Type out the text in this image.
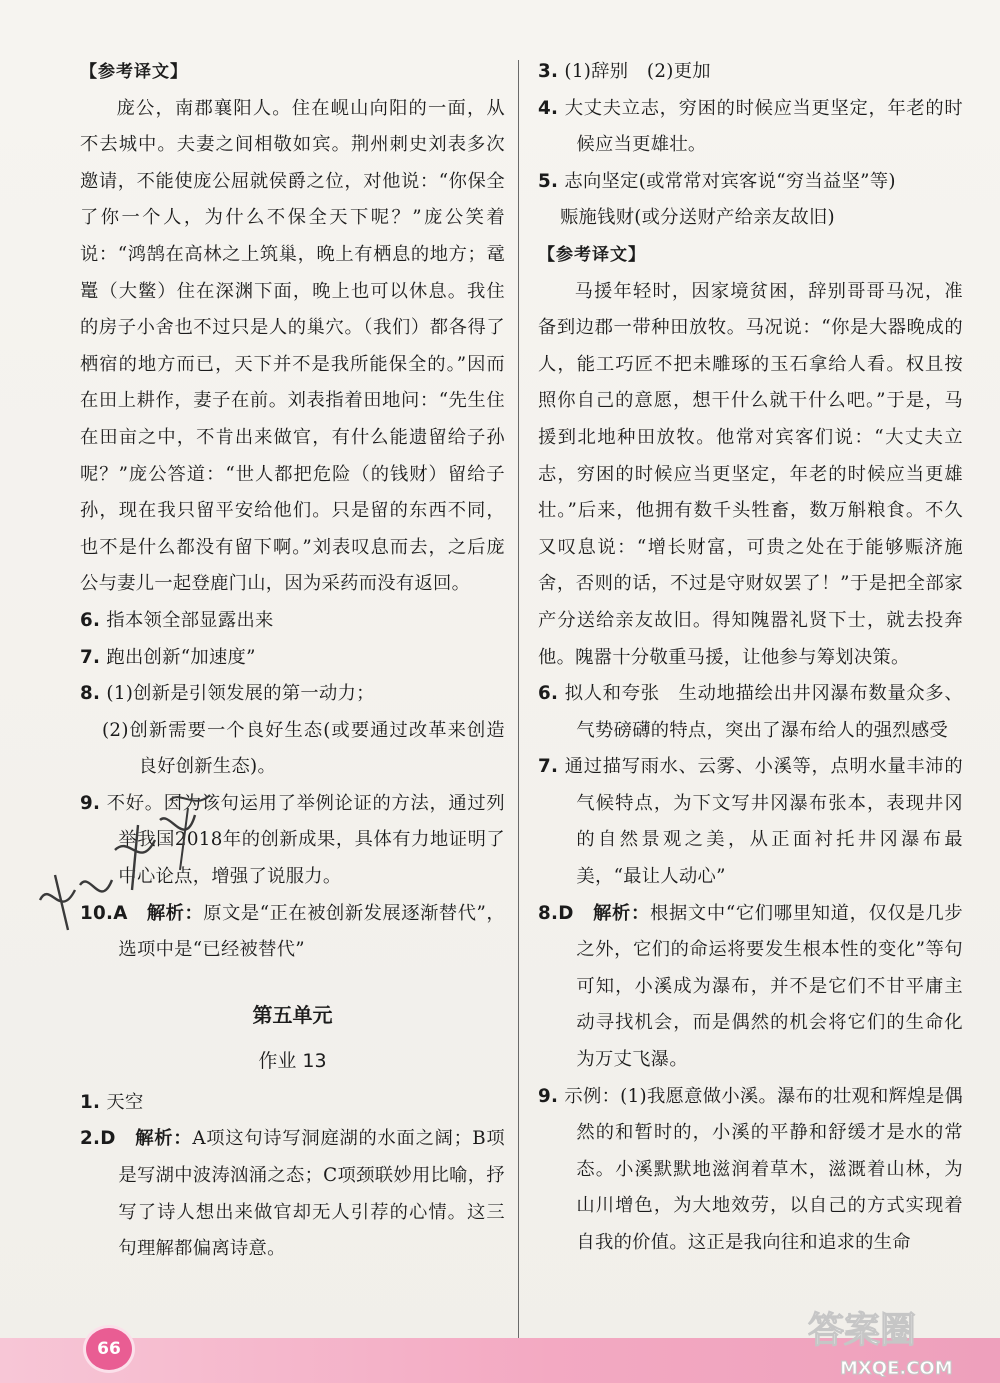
【参考译文】
庞公，南郡襄阳人。住在岘山向阳的一面，从不去城中。夫妻之间相敬如宾。荆州刺史刘表多次邀请，不能使庞公屈就侯爵之位，对他说：“你保全了你一个人，为什么不保全天下呢？”庞公笑着说：“鸿鹄在高林之上筑巢，晚上有栖息的地方；鼋鼍（大鳖）住在深渊下面，晚上也可以休息。我住的房子小舍也不过只是人的巢穴。（我们）都各得了栖宿的地方而已，天下并不是我所能保全的。”因而在田上耕作，妻子在前。刘表指着田地问：“先生住在田亩之中，不肯出来做官，有什么能遗留给子孙呢？”庞公答道：“世人都把危险（的钱财）留给子孙，现在我只留平安给他们。只是留的东西不同，也不是什么都没有留下啊。”刘表叹息而去，之后庞公与妻儿一起登鹿门山，因为采药而没有返回。
6. 指本领全部显露出来
7. 跑出创新“加速度”
8. (1)创新是引领发展的第一动力；
(2)创新需要一个良好生态(或要通过改革来创造良好创新生态)。
9. 不好。因为该句运用了举例论证的方法，通过列举我国2018年的创新成果，具体有力地证明了中心论点，增强了说服力。
10.A　 解析：原文是“正在被创新发展逐渐替代”，选项中是“已经被替代”
第五单元
作业 13
1. 天空
2.D　 解析：A项这句诗写洞庭湖的水面之阔；B项是写湖中波涛汹涌之态；C项颈联妙用比喻，抒写了诗人想出来做官却无人引荐的心情。这三句理解都偏离诗意。
3. (1)辞别　(2)更加
4. 大丈夫立志，穷困的时候应当更坚定，年老的时候应当更雄壮。
5. 志向坚定(或常常对宾客说“穷当益坚”等)
赈施钱财(或分送财产给亲友故旧)
【参考译文】
马援年轻时，因家境贫困，辞别哥哥马况，准备到边郡一带种田放牧。马况说：“你是大器晚成的人，能工巧匠不把未雕琢的玉石拿给人看。权且按照你自己的意愿，想干什么就干什么吧。”于是，马援到北地种田放牧。他常对宾客们说：“大丈夫立志，穷困的时候应当更坚定，年老的时候应当更雄壮。”后来，他拥有数千头牲畜，数万斛粮食。不久又叹息说：“增长财富，可贵之处在于能够赈济施舍，否则的话，不过是守财奴罢了！”于是把全部家产分送给亲友故旧。得知隗嚣礼贤下士，就去投奔他。隗嚣十分敬重马援，让他参与筹划决策。
6. 拟人和夸张　生动地描绘出井冈瀑布数量众多、气势磅礴的特点，突出了瀑布给人的强烈感受
7. 通过描写雨水、云雾、小溪等，点明水量丰沛的气候特点，为下文写井冈瀑布张本，表现井冈的自然景观之美，从正面衬托井冈瀑布最美，“最让人动心”
8.D　 解析：根据文中“它们哪里知道，仅仅是几步之外，它们的命运将要发生根本性的变化”等句可知，小溪成为瀑布，并不是它们不甘平庸主动寻找机会，而是偶然的机会将它们的生命化为万丈飞瀑。
9. 示例：(1)我愿意做小溪。瀑布的壮观和辉煌是偶然的和暂时的，小溪的平静和舒缓才是水的常态。小溪默默地滋润着草木，滋溉着山林，为山川增色，为大地效劳，以自己的方式实现着自我的价值。这正是我向往和追求的生命
66	答案圈
MXQE.COM
